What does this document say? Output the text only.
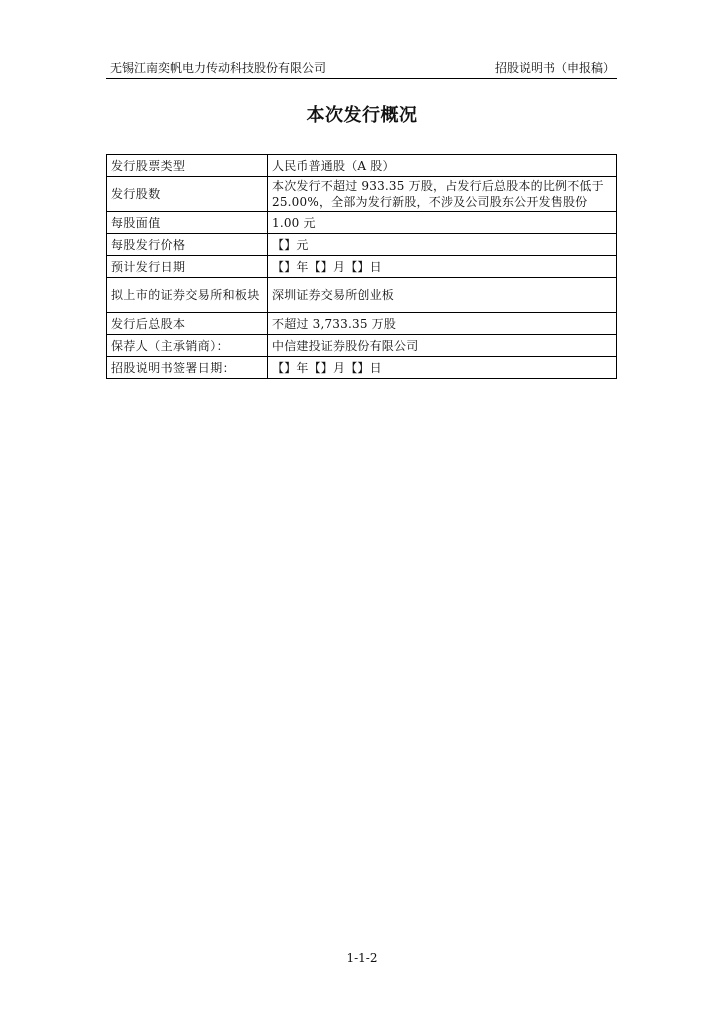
无锡江南奕帆电力传动科技股份有限公司	招股说明书（申报稿）
本次发行概况
发行股票类型	人民币普通股（A 股）
发行股数	本次发行不超过 933.35 万股，占发行后总股本的比例不低于 25.00%，全部为发行新股，不涉及公司股东公开发售股份
每股面值	1.00 元
每股发行价格	【】元
预计发行日期	【】年【】月【】日
拟上市的证券交易所和板块	深圳证券交易所创业板
发行后总股本	不超过 3,733.35 万股
保荐人（主承销商）：	中信建投证券股份有限公司
招股说明书签署日期：	【】年【】月【】日
1-1-2
